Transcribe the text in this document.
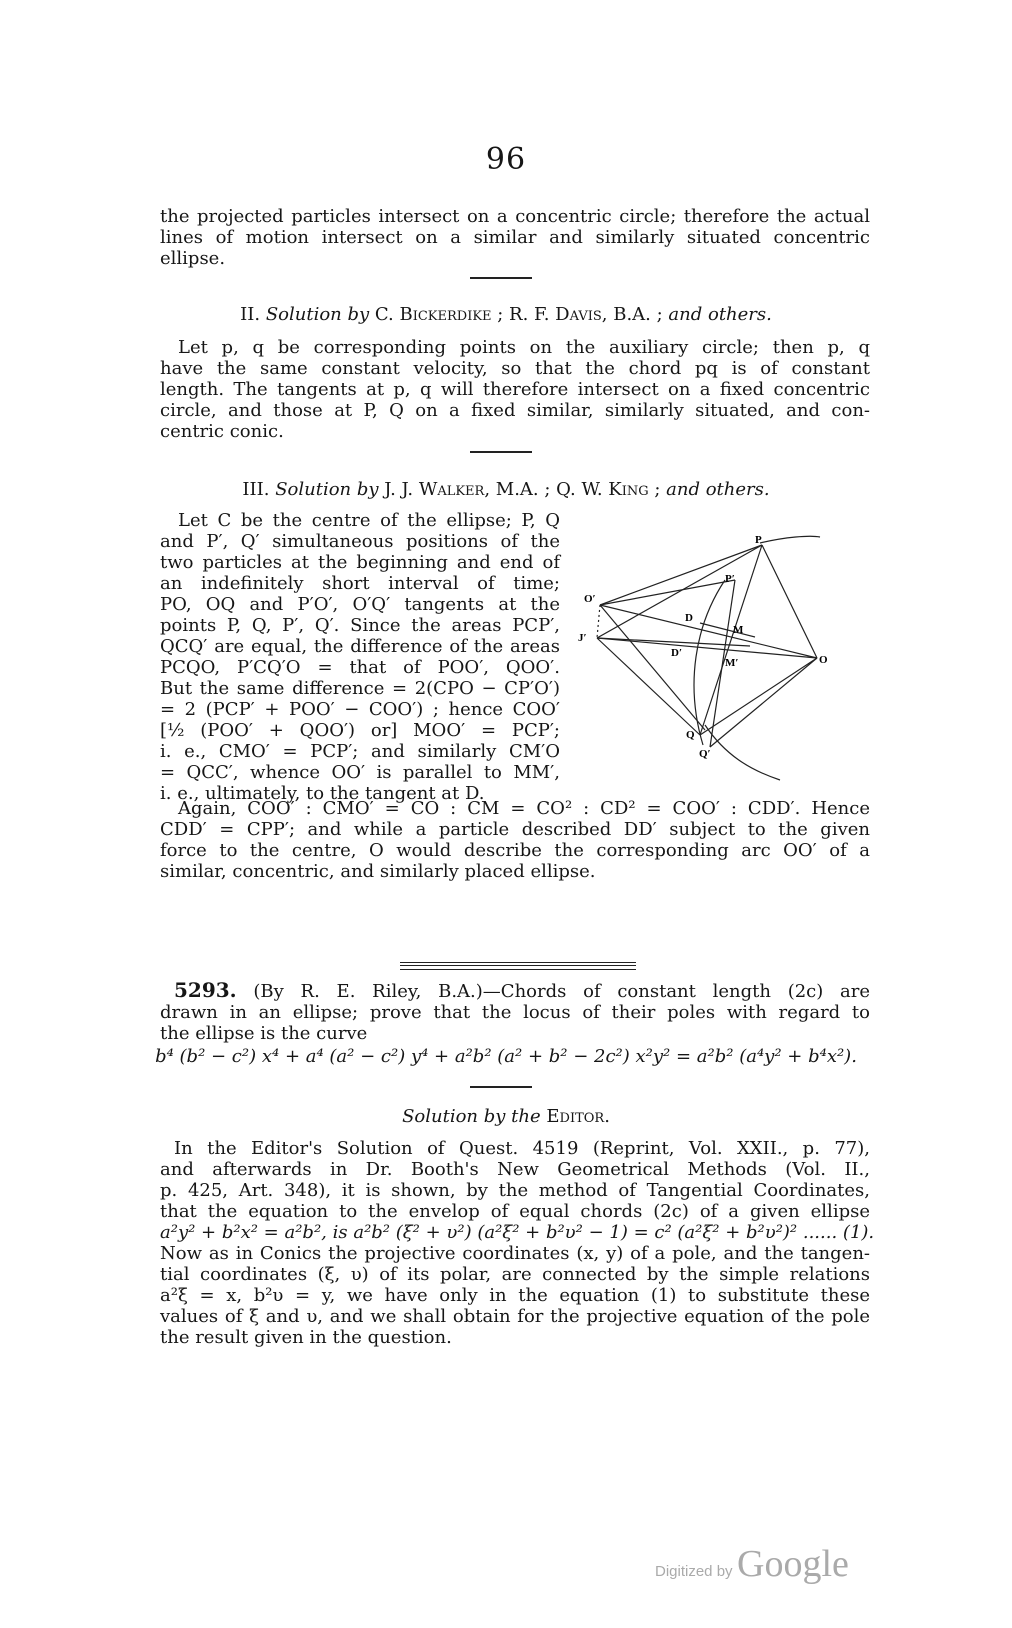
96
the projected particles intersect on a concentric circle; therefore the actual
lines of motion intersect on a similar and similarly situated concentric
ellipse.
II. Solution by C. Bickerdike ; R. F. Davis, B.A. ; and others.
Let p, q be corresponding points on the auxiliary circle; then p, q
have the same constant velocity, so that the chord pq is of constant
length. The tangents at p, q will therefore intersect on a fixed concentric
circle, and those at P, Q on a fixed similar, similarly situated, and con-
centric conic.
III. Solution by J. J. Walker, M.A. ; Q. W. King ; and others.
Let C be the centre of the ellipse; P, Q
and P′, Q′ simultaneous positions of the
two particles at the beginning and end of
an indefinitely short interval of time;
PO, OQ and P′O′, O′Q′ tangents at the
points P, Q, P′, Q′. Since the areas PCP′,
QCQ′ are equal, the difference of the areas
PCQO, P′CQ′O = that of POO′, QOO′.
But the same difference = 2(CPO − CP′O′)
= 2 (PCP′ + POO′ − COO′) ; hence COO′
[½ (POO′ + QOO′) or] MOO′ = PCP′;
i. e., CMO′ = PCP′; and similarly CM′O
= QCC′, whence OO′ is parallel to MM′,
i. e., ultimately, to the tangent at D.
P
P′
O′
J′
D
D′
M
M′	O
Q
Q′
Again, COO′ : CMO′ = CO : CM = CO² : CD² = COO′ : CDD′. Hence
CDD′ = CPP′; and while a particle described DD′ subject to the given
force to the centre, O would describe the corresponding arc OO′ of a
similar, concentric, and similarly placed ellipse.
5293. (By R. E. Riley, B.A.)—Chords of constant length (2c) are
drawn in an ellipse; prove that the locus of their poles with regard to
the ellipse is the curve
b⁴ (b² − c²) x⁴ + a⁴ (a² − c²) y⁴ + a²b² (a² + b² − 2c²) x²y² = a²b² (a⁴y² + b⁴x²).
Solution by the Editor.
In the Editor's Solution of Quest. 4519 (Reprint, Vol. XXII., p. 77),
and afterwards in Dr. Booth's New Geometrical Methods (Vol. II.,
p. 425, Art. 348), it is shown, by the method of Tangential Coordinates,
that the equation to the envelop of equal chords (2c) of a given ellipse
a²y² + b²x² = a²b², is a²b² (ξ² + υ²) (a²ξ² + b²υ² − 1) = c² (a²ξ² + b²υ²)² ...... (1).
Now as in Conics the projective coordinates (x, y) of a pole, and the tangen-
tial coordinates (ξ, υ) of its polar, are connected by the simple relations
a²ξ = x, b²υ = y, we have only in the equation (1) to substitute these
values of ξ and υ, and we shall obtain for the projective equation of the pole
the result given in the question.
Digitized by Google
